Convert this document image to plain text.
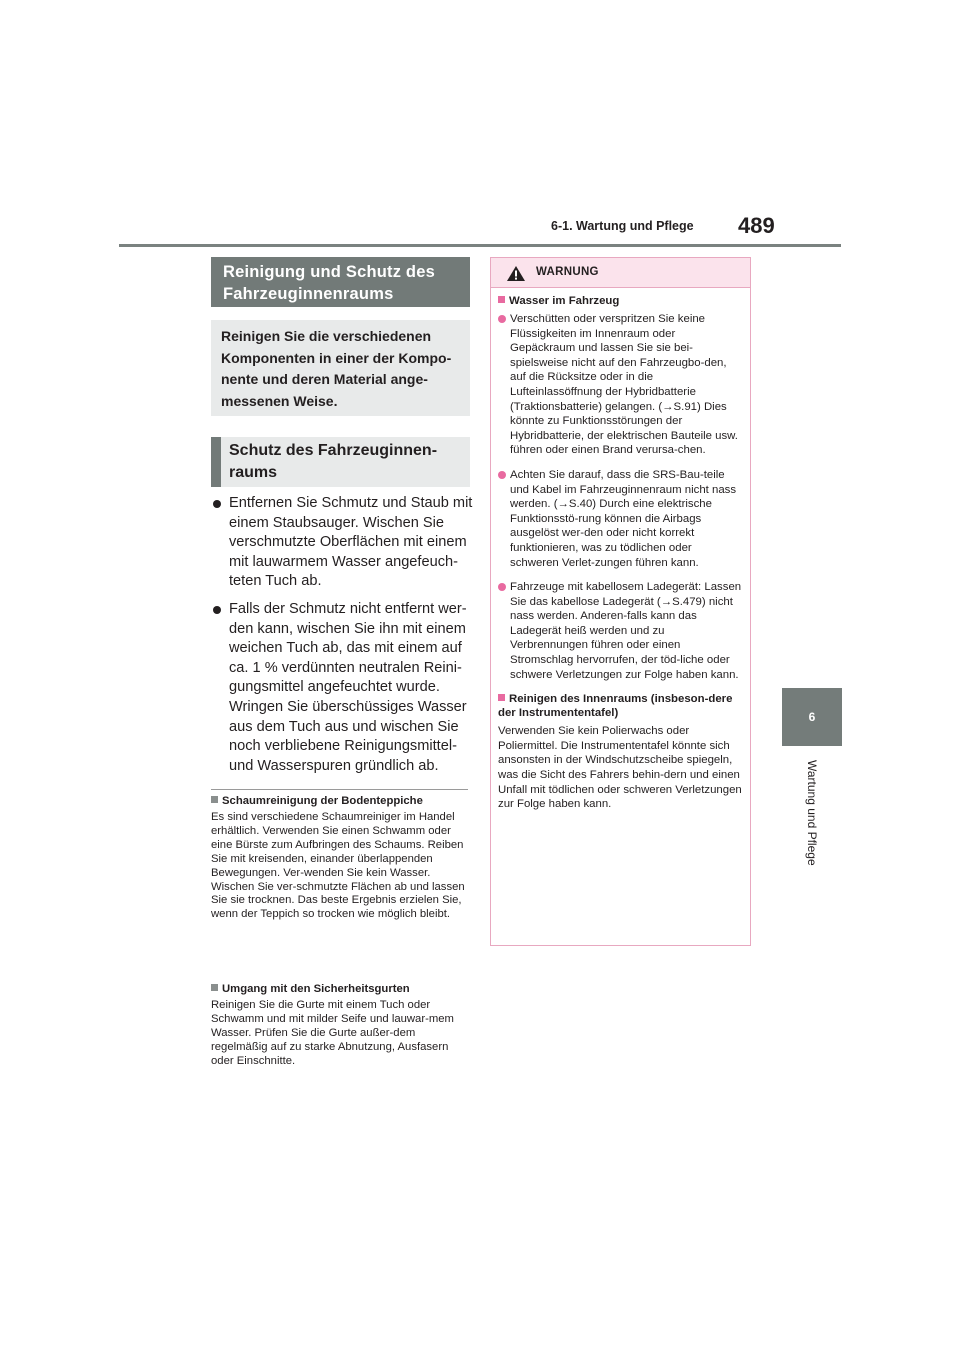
6-1. Wartung und Pflege 489
6
Wartung und Pflege
Reinigung und Schutz des Fahrzeuginnenraums
Reinigen Sie die verschiedenen Komponenten in einer der Kompo-nente und deren Material ange-messenen Weise.
Schutz des Fahrzeuginnen-raums
Entfernen Sie Schmutz und Staub mit einem Staubsauger. Wischen Sie verschmutzte Oberflächen mit einem mit lauwarmem Wasser angefeuch-teten Tuch ab.
Falls der Schmutz nicht entfernt wer-den kann, wischen Sie ihn mit einem weichen Tuch ab, das mit einem auf ca. 1 % verdünnten neutralen Reini-gungsmittel angefeuchtet wurde. Wringen Sie überschüssiges Wasser aus dem Tuch aus und wischen Sie noch verbliebene Reinigungsmittel- und Wasserspuren gründlich ab.
Schaumreinigung der Bodenteppiche
Es sind verschiedene Schaumreiniger im Handel erhältlich. Verwenden Sie einen Schwamm oder eine Bürste zum Aufbringen des Schaums. Reiben Sie mit kreisenden, einander überlappenden Bewegungen. Ver-wenden Sie kein Wasser. Wischen Sie ver-schmutzte Flächen ab und lassen Sie sie trocknen. Das beste Ergebnis erzielen Sie, wenn der Teppich so trocken wie möglich bleibt.
Umgang mit den Sicherheitsgurten
Reinigen Sie die Gurte mit einem Tuch oder Schwamm und mit milder Seife und lauwar-mem Wasser. Prüfen Sie die Gurte außer-dem regelmäßig auf zu starke Abnutzung, Ausfasern oder Einschnitte.
WARNUNG
Wasser im Fahrzeug
Verschütten oder verspritzen Sie keine Flüssigkeiten im Innenraum oder Gepäckraum und lassen Sie sie bei-spielsweise nicht auf den Fahrzeugbo-den, auf die Rücksitze oder in die Lufteinlassöffnung der Hybridbatterie (Traktionsbatterie) gelangen. (→S.91) Dies könnte zu Funktionsstörungen der Hybridbatterie, der elektrischen Bauteile usw. führen oder einen Brand verursa-chen.
Achten Sie darauf, dass die SRS-Bau-teile und Kabel im Fahrzeuginnenraum nicht nass werden. (→S.40) Durch eine elektrische Funktionsstö-rung können die Airbags ausgelöst wer-den oder nicht korrekt funktionieren, was zu tödlichen oder schweren Verlet-zungen führen kann.
Fahrzeuge mit kabellosem Ladegerät: Lassen Sie das kabellose Ladegerät (→S.479) nicht nass werden. Anderen-falls kann das Ladegerät heiß werden und zu Verbrennungen führen oder einen Stromschlag hervorrufen, der töd-liche oder schwere Verletzungen zur Folge haben kann.
Reinigen des Innenraums (insbeson-dere der Instrumententafel)
Verwenden Sie kein Polierwachs oder Poliermittel. Die Instrumententafel könnte sich ansonsten in der Windschutzscheibe spiegeln, was die Sicht des Fahrers behin-dern und einen Unfall mit tödlichen oder schweren Verletzungen zur Folge haben kann.
